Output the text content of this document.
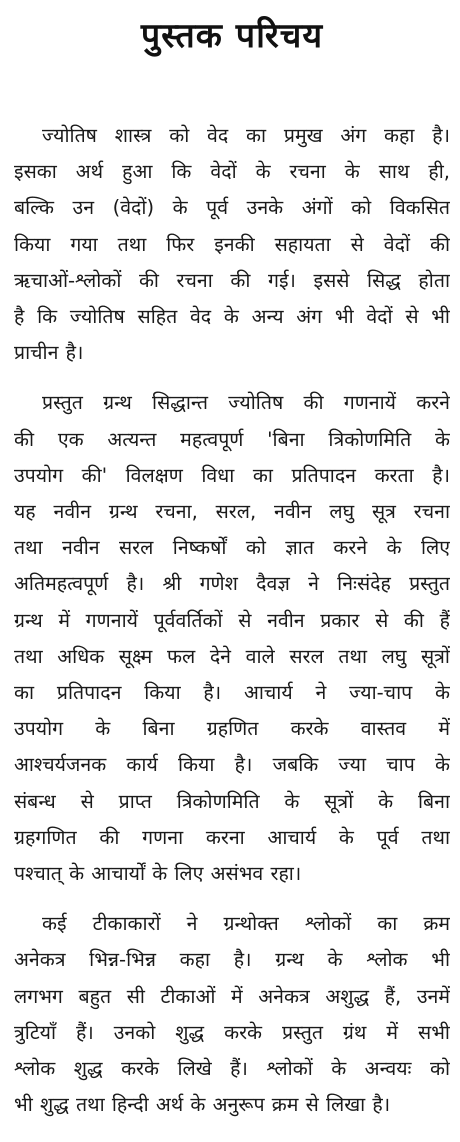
पुस्तक परिचय

ज्योतिष शास्त्र को वेद का प्रमुख अंग कहा है।
इसका अर्थ हुआ कि वेदों के रचना के साथ ही,
बल्कि उन (वेदों) के पूर्व उनके अंगों को विकसित
किया गया तथा फिर इनकी सहायता से वेदों की
ऋचाओं-श्लोकों की रचना की गई। इससे सिद्ध होता
है कि ज्योतिष सहित वेद के अन्य अंग भी वेदों से भी
प्राचीन है।

प्रस्तुत ग्रन्थ सिद्धान्त ज्योतिष की गणनायें करने
की एक अत्यन्त महत्वपूर्ण 'बिना त्रिकोणमिति के
उपयोग की' विलक्षण विधा का प्रतिपादन करता है।
यह नवीन ग्रन्थ रचना, सरल, नवीन लघु सूत्र रचना
तथा नवीन सरल निष्कर्षों को ज्ञात करने के लिए
अतिमहत्वपूर्ण है। श्री गणेश दैवज्ञ ने निःसंदेह प्रस्तुत
ग्रन्थ में गणनायें पूर्ववर्तिकों से नवीन प्रकार से की हैं
तथा अधिक सूक्ष्म फल देने वाले सरल तथा लघु सूत्रों
का प्रतिपादन किया है। आचार्य ने ज्या-चाप के
उपयोग के बिना ग्रहणित करके वास्तव में
आश्चर्यजनक कार्य किया है। जबकि ज्या चाप के
संबन्ध से प्राप्त त्रिकोणमिति के सूत्रों के बिना
ग्रहगणित की गणना करना आचार्य के पूर्व तथा
पश्चात् के आचार्यों के लिए असंभव रहा।

कई टीकाकारों ने ग्रन्थोक्त श्लोकों का क्रम
अनेकत्र भिन्न-भिन्न कहा है। ग्रन्थ के श्लोक भी
लगभग बहुत सी टीकाओं में अनेकत्र अशुद्ध हैं, उनमें
त्रुटियाँ हैं। उनको शुद्ध करके प्रस्तुत ग्रंथ में सभी
श्लोक शुद्ध करके लिखे हैं। श्लोकों के अन्वयः को
भी शुद्ध तथा हिन्दी अर्थ के अनुरूप क्रम से लिखा है।
